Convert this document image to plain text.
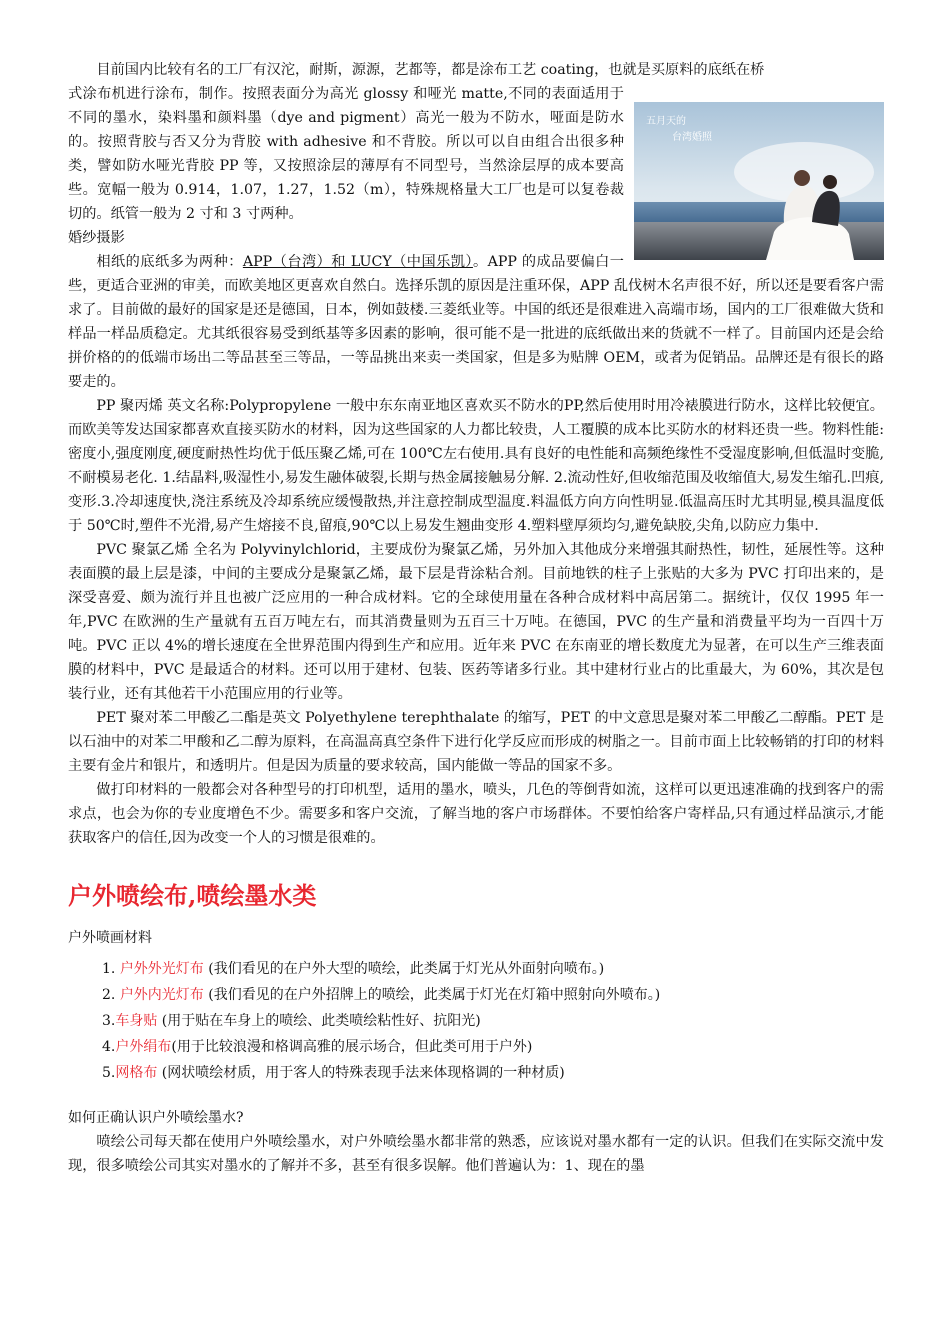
目前国内比较有名的工厂有汉沱，耐斯，源源，艺都等，都是涂布工艺 coating，也就是买原料的底纸在桥

五月天的
台湾婚照

式涂布机进行涂布，制作。按照表面分为高光 glossy 和哑光 matte,不同的表面适用于不同的墨水，染料墨和颜料墨（dye and pigment）高光一般为不防水，哑面是防水的。按照背胶与否又分为背胶 with adhesive 和不背胶。所以可以自由组合出很多种类，譬如防水哑光背胶 PP 等，又按照涂层的薄厚有不同型号，当然涂层厚的成本要高些。宽幅一般为 0.914，1.07，1.27，1.52（m），特殊规格量大工厂也是可以复卷裁切的。纸管一般为 2 寸和 3 寸两种。

婚纱摄影

相纸的底纸多为两种：APP（台湾）和 LUCY（中国乐凯）。APP 的成品要偏白一些，更适合亚洲的审美，而欧美地区更喜欢自然白。选择乐凯的原因是注重环保，APP 乱伐树木名声很不好，所以还是要看客户需求了。目前做的最好的国家是还是德国，日本，例如鼓楼.三菱纸业等。中国的纸还是很难进入高端市场，国内的工厂很难做大货和样品一样品质稳定。尤其纸很容易受到纸基等多因素的影响，很可能不是一批进的底纸做出来的货就不一样了。目前国内还是会给拼价格的的低端市场出二等品甚至三等品，一等品挑出来卖一类国家，但是多为贴牌 OEM，或者为促销品。品牌还是有很长的路要走的。

PP 聚丙烯 英文名称:Polypropylene 一般中东东南亚地区喜欢买不防水的PP,然后使用时用冷裱膜进行防水，这样比较便宜。而欧美等发达国家都喜欢直接买防水的材料，因为这些国家的人力都比较贵，人工覆膜的成本比买防水的材料还贵一些。物料性能:密度小,强度刚度,硬度耐热性均优于低压聚乙烯,可在 100℃左右使用.具有良好的电性能和高频绝缘性不受湿度影响,但低温时变脆,不耐模易老化. 1.结晶料,吸湿性小,易发生融体破裂,长期与热金属接触易分解. 2.流动性好,但收缩范围及收缩值大,易发生缩孔.凹痕,变形.3.冷却速度快,浇注系统及冷却系统应缓慢散热,并注意控制成型温度.料温低方向方向性明显.低温高压时尤其明显,模具温度低于 50℃时,塑件不光滑,易产生熔接不良,留痕,90℃以上易发生翘曲变形 4.塑料壁厚须均匀,避免缺胶,尖角,以防应力集中.

PVC 聚氯乙烯 全名为 Polyvinylchlorid，主要成份为聚氯乙烯，另外加入其他成分来增强其耐热性，韧性，延展性等。这种表面膜的最上层是漆，中间的主要成分是聚氯乙烯，最下层是背涂粘合剂。目前地铁的柱子上张贴的大多为 PVC 打印出来的，是深受喜爱、颇为流行并且也被广泛应用的一种合成材料。它的全球使用量在各种合成材料中高居第二。据统计，仅仅 1995 年一年,PVC 在欧洲的生产量就有五百万吨左右，而其消费量则为五百三十万吨。在德国，PVC 的生产量和消费量平均为一百四十万吨。PVC 正以 4%的增长速度在全世界范围内得到生产和应用。近年来 PVC 在东南亚的增长数度尤为显著，在可以生产三维表面膜的材料中，PVC 是最适合的材料。还可以用于建材、包装、医药等诸多行业。其中建材行业占的比重最大，为 60%，其次是包装行业，还有其他若干小范围应用的行业等。

PET 聚对苯二甲酸乙二酯是英文 Polyethylene terephthalate 的缩写，PET 的中文意思是聚对苯二甲酸乙二醇酯。PET 是以石油中的对苯二甲酸和乙二醇为原料，在高温高真空条件下进行化学反应而形成的树脂之一。目前市面上比较畅销的打印的材料主要有金片和银片，和透明片。但是因为质量的要求较高，国内能做一等品的国家不多。

做打印材料的一般都会对各种型号的打印机型，适用的墨水，喷头，几色的等倒背如流，这样可以更迅速准确的找到客户的需求点，也会为你的专业度增色不少。需要多和客户交流，了解当地的客户市场群体。不要怕给客户寄样品,只有通过样品演示,才能获取客户的信任,因为改变一个人的习惯是很难的。

户外喷绘布,喷绘墨水类
户外喷画材料
1. 户外外光灯布 (我们看见的在户外大型的喷绘，此类属于灯光从外面射向喷布。)
2. 户外内光灯布 (我们看见的在户外招牌上的喷绘，此类属于灯光在灯箱中照射向外喷布。)
3.车身贴 (用于贴在车身上的喷绘、此类喷绘粘性好、抗阳光)
4.户外绢布(用于比较浪漫和格调高雅的展示场合，但此类可用于户外)
5.网格布 (网状喷绘材质，用于客人的特殊表现手法来体现格调的一种材质)
如何正确认识户外喷绘墨水?

喷绘公司每天都在使用户外喷绘墨水，对户外喷绘墨水都非常的熟悉，应该说对墨水都有一定的认识。但我们在实际交流中发现，很多喷绘公司其实对墨水的了解并不多，甚至有很多误解。他们普遍认为：1、现在的墨
